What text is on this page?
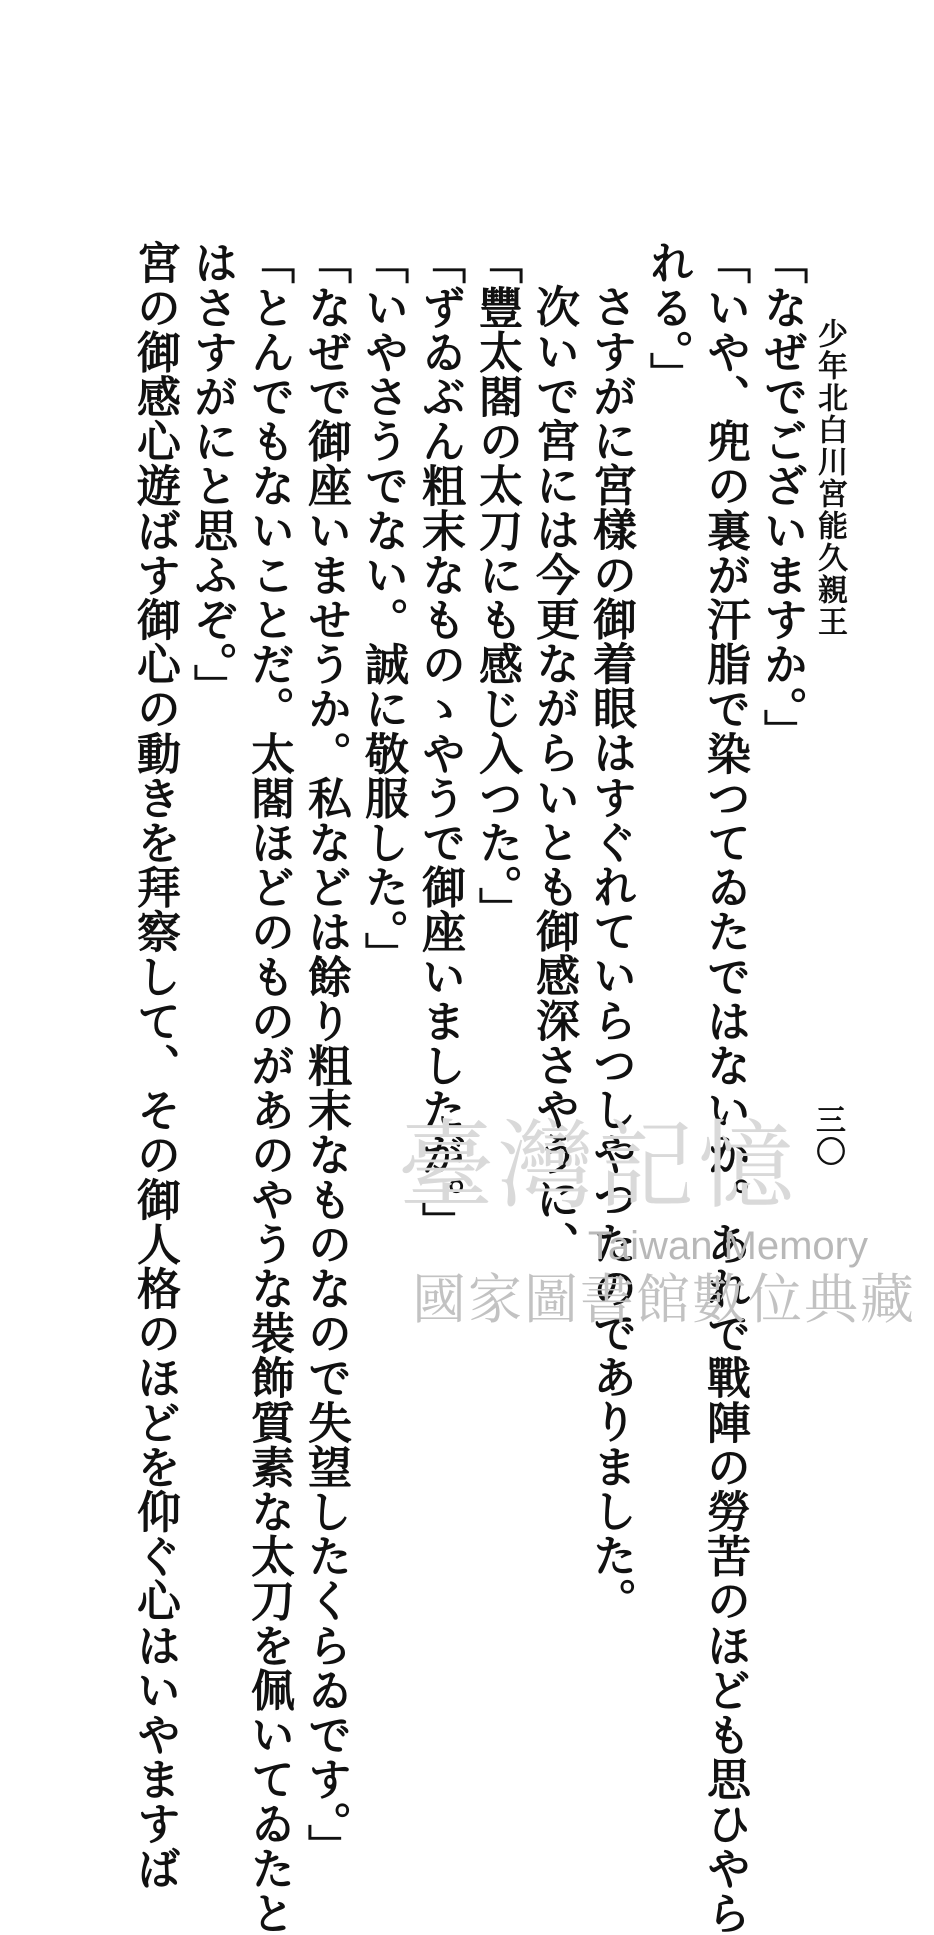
少年北白川宮能久親王
三〇
「なぜでございますか。」
「いや、兜の裏が汗脂で染つてゐたではないか。あれで戰陣の勞苦のほども思ひやら
れる。」
さすがに宮樣の御着眼はすぐれていらつしやつたのでありました。
次いで宮には今更ながらいとも御感深さやうに、
「豐太閤の太刀にも感じ入つた。」
「ずゐぶん粗末なものゝやうで御座いましたが。」
「いやさうでない。誠に敬服した。」
「なぜで御座いませうか。私などは餘り粗末なものなので失望したくらゐです。」
「とんでもないことだ。太閤ほどのものがあのやうな裝飾質素な太刀を佩いてゐたと
はさすがにと思ふぞ。」
宮の御感心遊ばす御心の動きを拜察して、その御人格のほどを仰ぐ心はいやますば 臺灣記憶
Taiwan Memory
國家圖書館數位典藏
